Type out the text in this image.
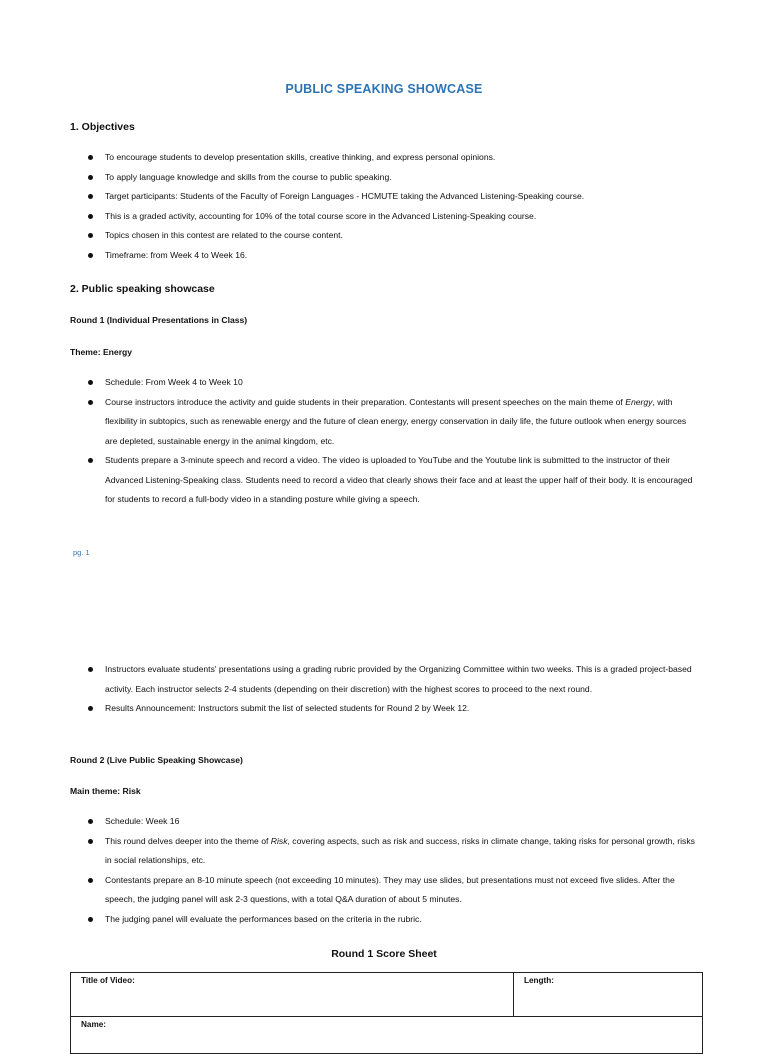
PUBLIC SPEAKING SHOWCASE
1. Objectives
To encourage students to develop presentation skills, creative thinking, and express personal opinions.
To apply language knowledge and skills from the course to public speaking.
Target participants: Students of the Faculty of Foreign Languages - HCMUTE taking the Advanced Listening-Speaking course.
This is a graded activity, accounting for 10% of the total course score in the Advanced Listening-Speaking course.
Topics chosen in this contest are related to the course content.
Timeframe: from Week 4 to Week 16.
2. Public speaking showcase
Round 1 (Individual Presentations in Class)
Theme: Energy
Schedule: From Week 4 to Week 10
Course instructors introduce the activity and guide students in their preparation. Contestants will present speeches on the main theme of Energy, with flexibility in subtopics, such as renewable energy and the future of clean energy, energy conservation in daily life, the future outlook when energy sources are depleted, sustainable energy in the animal kingdom, etc.
Students prepare a 3-minute speech and record a video. The video is uploaded to YouTube and the Youtube link is submitted to the instructor of their Advanced Listening-Speaking class. Students need to record a video that clearly shows their face and at least the upper half of their body. It is encouraged for students to record a full-body video in a standing posture while giving a speech.
pg. 1
Instructors evaluate students' presentations using a grading rubric provided by the Organizing Committee within two weeks. This is a graded project-based activity. Each instructor selects 2-4 students (depending on their discretion) with the highest scores to proceed to the next round.
Results Announcement: Instructors submit the list of selected students for Round 2 by Week 12.
Round 2 (Live Public Speaking Showcase)
Main theme: Risk
Schedule: Week 16
This round delves deeper into the theme of Risk, covering aspects, such as risk and success, risks in climate change, taking risks for personal growth, risks in social relationships, etc.
Contestants prepare an 8-10 minute speech (not exceeding 10 minutes). They may use slides, but presentations must not exceed five slides. After the speech, the judging panel will ask 2-3 questions, with a total Q&A duration of about 5 minutes.
The judging panel will evaluate the performances based on the criteria in the rubric.
Round 1 Score Sheet
Title of Video:	Length:
Name:
